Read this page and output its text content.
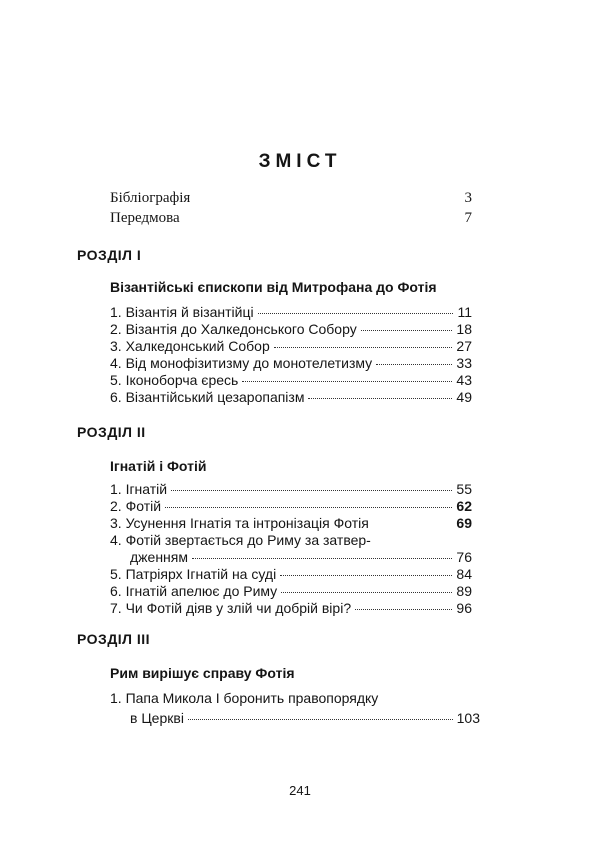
ЗМІСТ
Бібліографія	3
Передмова	7
РОЗДІЛ I
Візантійські єпископи від Митрофана до Фотія
1. Візантія й візантійці	11
2. Візантія до Халкедонського Собору	18
3. Халкедонський Собор	27
4. Від монофізитизму до монотелетизму	33
5. Іконоборча єресь	43
6. Візантійський цезаропапізм	49
РОЗДІЛ II
Ігнатій і Фотій
1. Ігнатій	55
2. Фотій	62
3. Усунення Ігнатія та інтронізація Фотія	69
4. Фотій звертається до Риму за затвер-
дженням	76
5. Патріярх Ігнатій на суді	84
6. Ігнатій апелює до Риму	89
7. Чи Фотій діяв у злій чи добрій вірі?	96
РОЗДІЛ III
Рим вирішує справу Фотія
1. Папа Микола I боронить правопорядку
в Церкві	103
241
